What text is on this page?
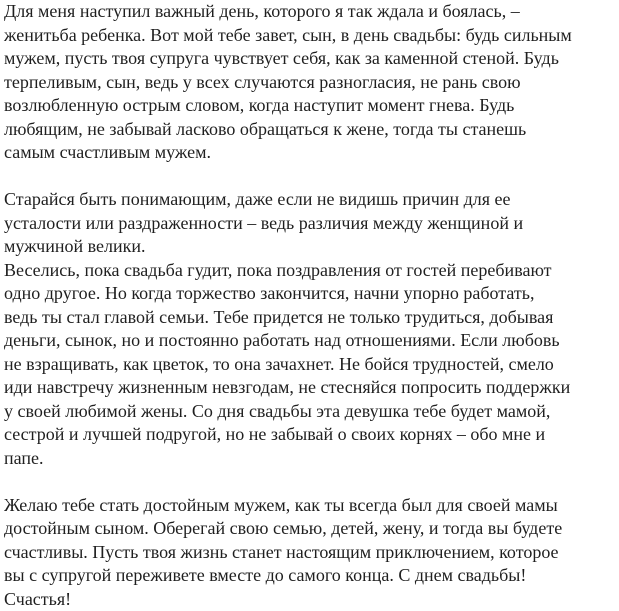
Для меня наступил важный день, которого я так ждала и боялась, –
женитьба ребенка. Вот мой тебе завет, сын, в день свадьбы: будь сильным
мужем, пусть твоя супруга чувствует себя, как за каменной стеной. Будь
терпеливым, сын, ведь у всех случаются разногласия, не рань свою
возлюбленную острым словом, когда наступит момент гнева. Будь
любящим, не забывай ласково обращаться к жене, тогда ты станешь
самым счастливым мужем.
Старайся быть понимающим, даже если не видишь причин для ее
усталости или раздраженности – ведь различия между женщиной и
мужчиной велики.
Веселись, пока свадьба гудит, пока поздравления от гостей перебивают
одно другое. Но когда торжество закончится, начни упорно работать,
ведь ты стал главой семьи. Тебе придется не только трудиться, добывая
деньги, сынок, но и постоянно работать над отношениями. Если любовь
не взращивать, как цветок, то она зачахнет. Не бойся трудностей, смело
иди навстречу жизненным невзгодам, не стесняйся попросить поддержки
у своей любимой жены. Со дня свадьбы эта девушка тебе будет мамой,
сестрой и лучшей подругой, но не забывай о своих корнях – обо мне и
папе.
Желаю тебе стать достойным мужем, как ты всегда был для своей мамы
достойным сыном. Оберегай свою семью, детей, жену, и тогда вы будете
счастливы. Пусть твоя жизнь станет настоящим приключением, которое
вы с супругой переживете вместе до самого конца. С днем свадьбы!
Счастья!
